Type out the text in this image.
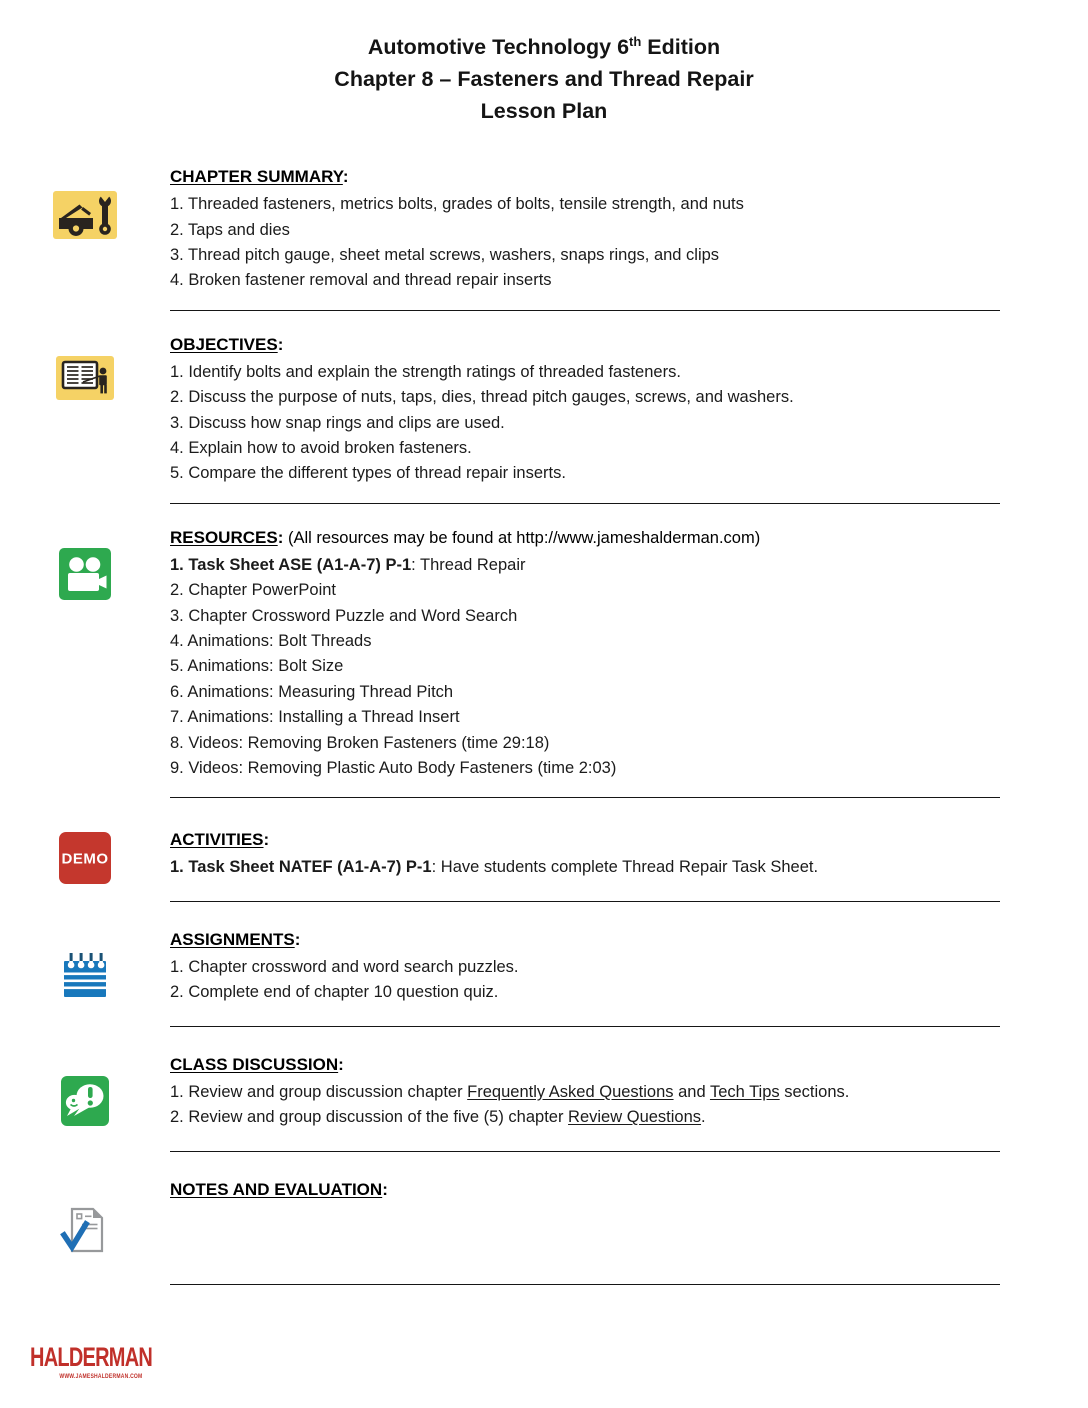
Automotive Technology 6th Edition
Chapter 8 – Fasteners and Thread Repair
Lesson Plan
CHAPTER SUMMARY:
1. Threaded fasteners, metrics bolts, grades of bolts, tensile strength, and nuts
2. Taps and dies
3. Thread pitch gauge, sheet metal screws, washers, snaps rings, and clips
4. Broken fastener removal and thread repair inserts
OBJECTIVES:
1. Identify bolts and explain the strength ratings of threaded fasteners.
2. Discuss the purpose of nuts, taps, dies, thread pitch gauges, screws, and washers.
3. Discuss how snap rings and clips are used.
4. Explain how to avoid broken fasteners.
5. Compare the different types of thread repair inserts.
RESOURCES: (All resources may be found at http://www.jameshalderman.com)
1. Task Sheet ASE (A1-A-7) P-1: Thread Repair
2. Chapter PowerPoint
3. Chapter Crossword Puzzle and Word Search
4. Animations: Bolt Threads
5. Animations: Bolt Size
6. Animations: Measuring Thread Pitch
7. Animations: Installing a Thread Insert
8. Videos: Removing Broken Fasteners (time 29:18)
9. Videos: Removing Plastic Auto Body Fasteners (time 2:03)
DEMO
ACTIVITIES:
1. Task Sheet NATEF (A1-A-7) P-1: Have students complete Thread Repair Task Sheet.
ASSIGNMENTS:
1. Chapter crossword and word search puzzles.
2. Complete end of chapter 10 question quiz.
CLASS DISCUSSION:
1. Review and group discussion chapter Frequently Asked Questions and Tech Tips sections.
2. Review and group discussion of the five (5) chapter Review Questions.
NOTES AND EVALUATION:
HALDERMAN
WWW.JAMESHALDERMAN.COM
